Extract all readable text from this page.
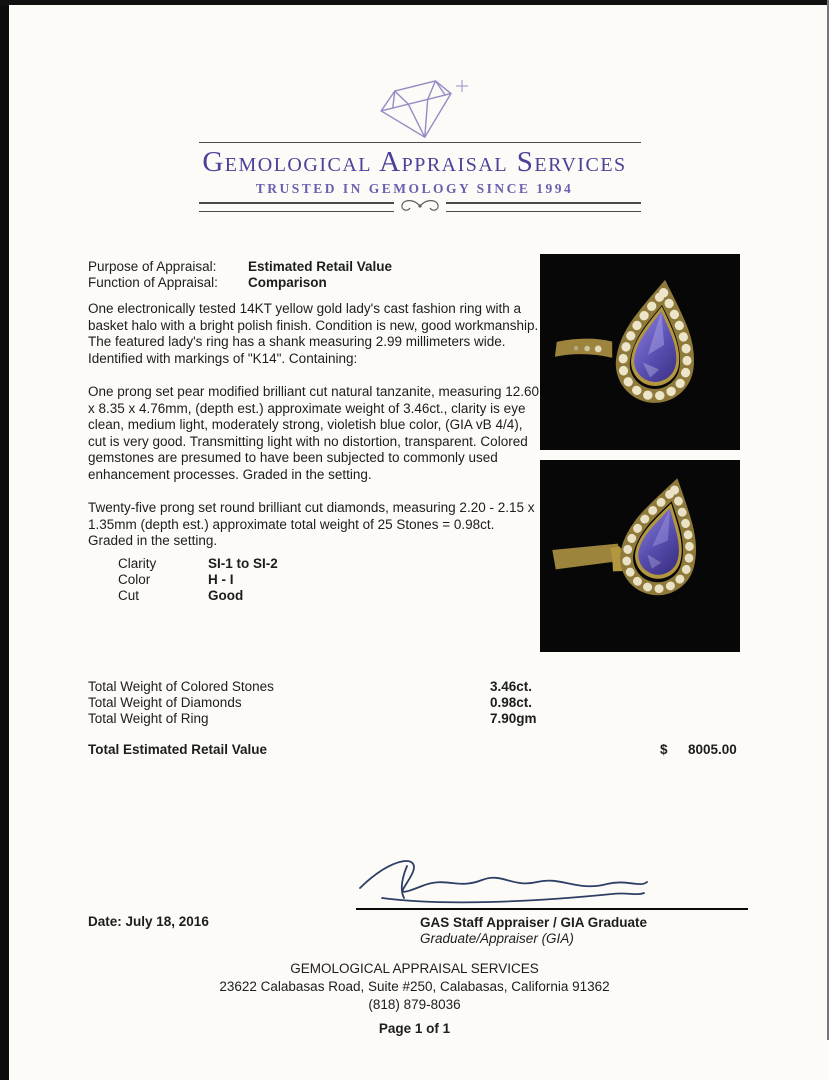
Gemological Appraisal Services
TRUSTED IN GEMOLOGY SINCE 1994
Purpose of Appraisal: Estimated Retail Value
Function of Appraisal: Comparison
One electronically tested 14KT yellow gold lady's cast fashion ring with a basket halo with a bright polish finish. Condition is new, good workmanship. The featured lady's ring has a shank measuring 2.99 millimeters wide. Identified with markings of "K14". Containing:
One prong set pear modified brilliant cut natural tanzanite, measuring 12.60 x 8.35 x 4.76mm, (depth est.) approximate weight of 3.46ct., clarity is eye clean, medium light, moderately strong, violetish blue color, (GIA vB 4/4), cut is very good. Transmitting light with no distortion, transparent. Colored gemstones are presumed to have been subjected to commonly used enhancement processes. Graded in the setting.
Twenty-five prong set round brilliant cut diamonds, measuring 2.20 - 2.15 x 1.35mm (depth est.) approximate total weight of 25 Stones = 0.98ct. Graded in the setting.
Clarity	SI-1 to SI-2
Color	H - I
Cut	Good
Total Weight of Colored Stones	3.46ct.
Total Weight of Diamonds	0.98ct.
Total Weight of Ring	7.90gm
Total Estimated Retail Value	$ 8005.00
Date: July 18, 2016	GAS Staff Appraiser / GIA Graduate
Graduate/Appraiser (GIA)
GEMOLOGICAL APPRAISAL SERVICES
23622 Calabasas Road, Suite #250, Calabasas, California 91362
(818) 879-8036
Page 1 of 1
